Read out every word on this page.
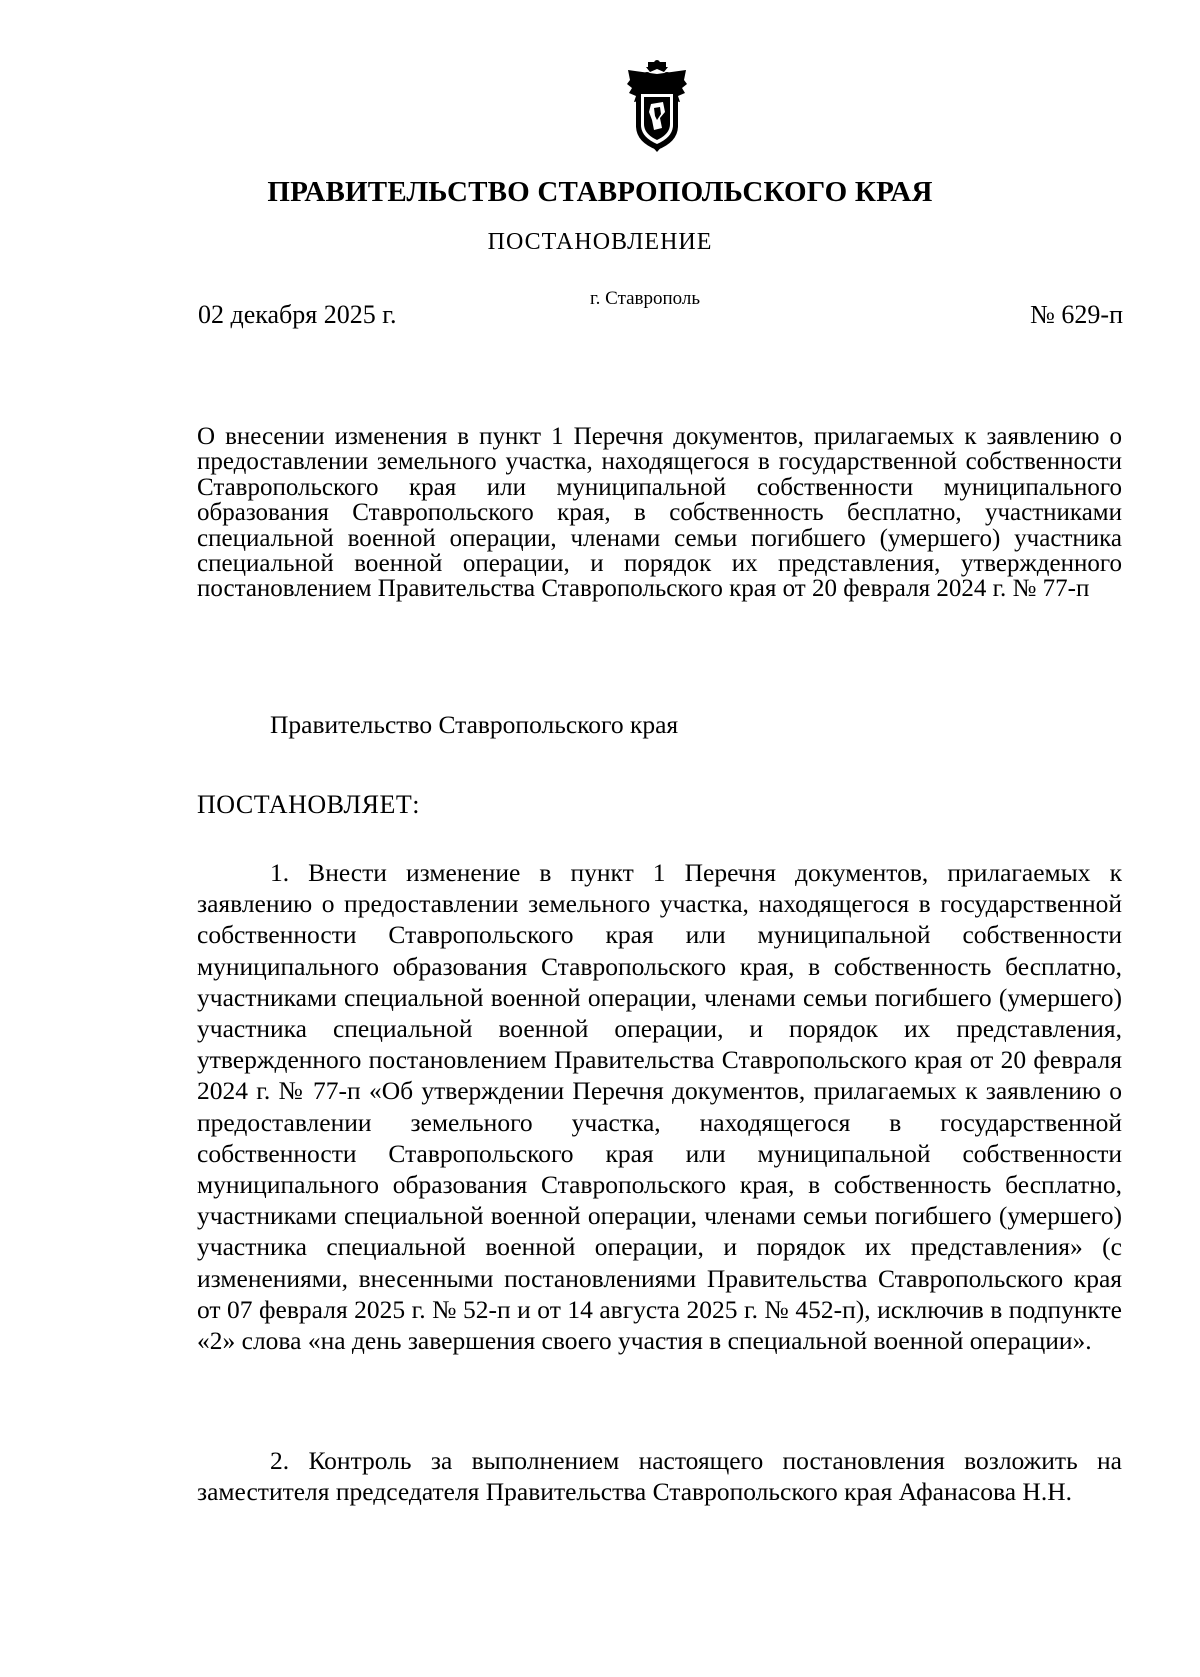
ПРАВИТЕЛЬСТВО СТАВРОПОЛЬСКОГО КРАЯ
ПОСТАНОВЛЕНИЕ
02 декабря 2025 г.
г. Ставрополь
№ 629-п
О внесении изменения в пункт 1 Перечня документов, прилагаемых к заявлению о предоставлении земельного участка, находящегося в государственной собственности Ставропольского края или муниципальной собственности муниципального образования Ставропольского края, в собственность бесплатно, участниками специальной военной операции, членами семьи погибшего (умершего) участника специальной военной операции, и порядок их представления, утвержденного постановлением Правительства Ставропольского края от 20 февраля 2024 г. № 77-п
Правительство Ставропольского края
ПОСТАНОВЛЯЕТ:
1. Внести изменение в пункт 1 Перечня документов, прилагаемых к заявлению о предоставлении земельного участка, находящегося в государственной собственности Ставропольского края или муниципальной собственности муниципального образования Ставропольского края, в собственность бесплатно, участниками специальной военной операции, членами семьи погибшего (умершего) участника специальной военной операции, и порядок их представления, утвержденного постановлением Правительства Ставропольского края от 20 февраля 2024 г. № 77-п «Об утверждении Перечня документов, прилагаемых к заявлению о предоставлении земельного участка, находящегося в государственной собственности Ставропольского края или муниципальной собственности муниципального образования Ставропольского края, в собственность бесплатно, участниками специальной военной операции, членами семьи погибшего (умершего) участника специальной военной операции, и порядок их представления» (с изменениями, внесенными постановлениями Правительства Ставропольского края от 07 февраля 2025 г. № 52-п и от 14 августа 2025 г. № 452-п), исключив в подпункте «2» слова «на день завершения своего участия в специальной военной операции».
2. Контроль за выполнением настоящего постановления возложить на заместителя председателя Правительства Ставропольского края Афанасова Н.Н.
